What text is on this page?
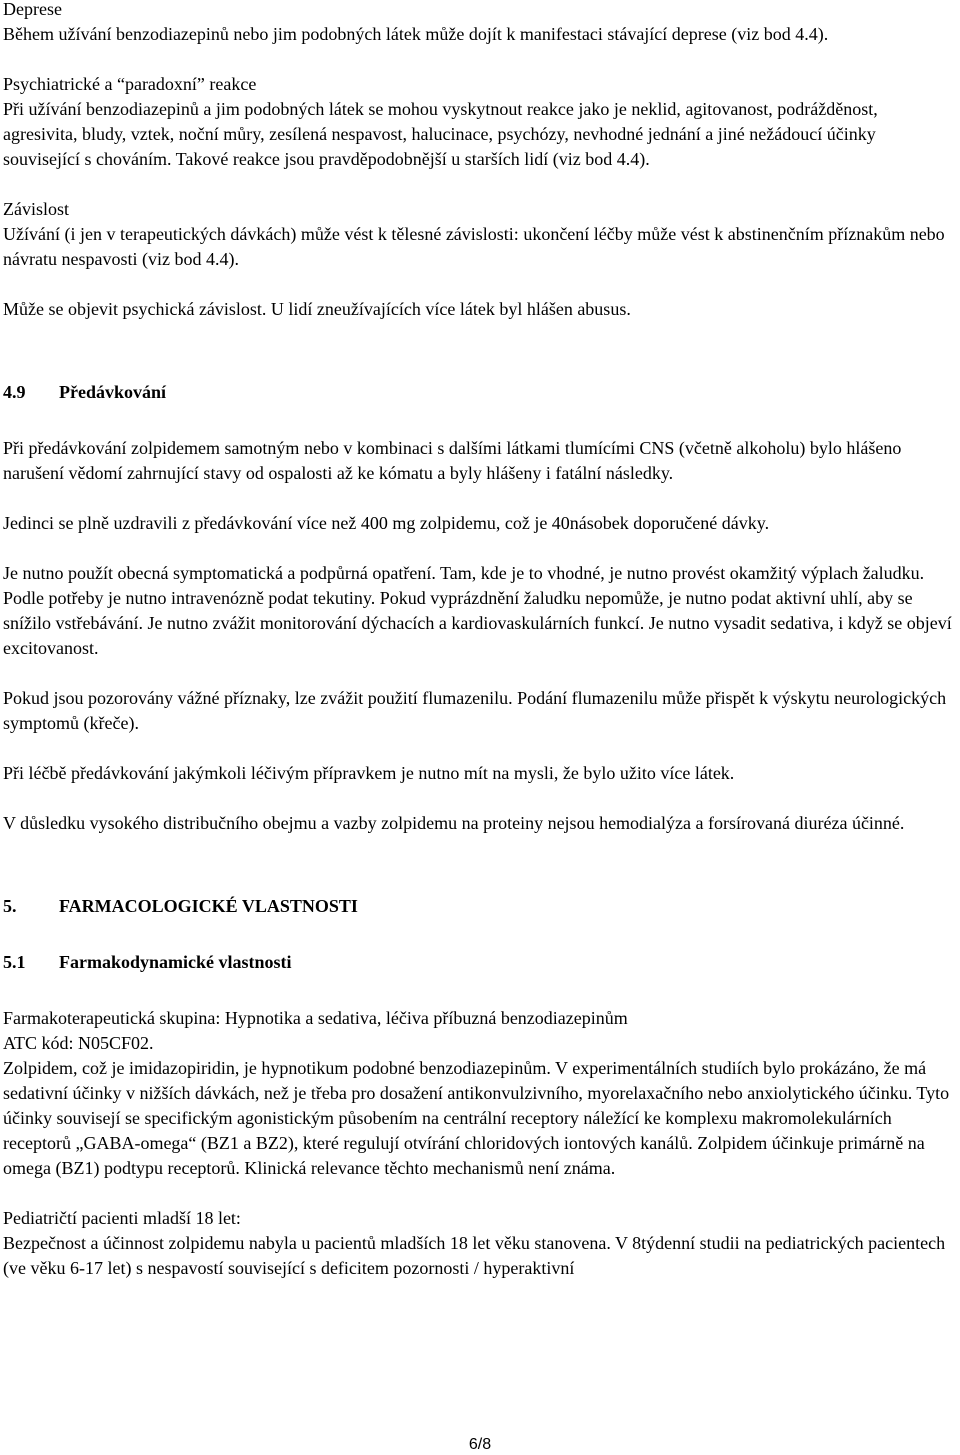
Deprese

Během užívání benzodiazepinů nebo jim podobných látek může dojít k manifestaci stávající deprese (viz bod 4.4).

Psychiatrické a “paradoxní” reakce

Při užívání benzodiazepinů a jim podobných látek se mohou vyskytnout reakce jako je neklid, agitovanost, podrážděnost, agresivita, bludy, vztek, noční můry, zesílená nespavost, halucinace, psychózy, nevhodné jednání a jiné nežádoucí účinky související s chováním. Takové reakce jsou pravděpodobnější u starších lidí (viz bod 4.4).

Závislost

Užívání (i jen v terapeutických dávkách) může vést k tělesné závislosti: ukončení léčby může vést k abstinenčním příznakům nebo návratu nespavosti (viz bod 4.4).

Může se objevit psychická závislost. U lidí zneužívajících více látek byl hlášen abusus.

4.9	Předávkování

Při předávkování zolpidemem samotným nebo v kombinaci s dalšími látkami tlumícími CNS (včetně alkoholu) bylo hlášeno narušení vědomí zahrnující stavy od ospalosti až ke kómatu a byly hlášeny i fatální následky.

Jedinci se plně uzdravili z předávkování více než 400 mg zolpidemu, což je 40násobek doporučené dávky.

Je nutno použít obecná symptomatická a podpůrná opatření. Tam, kde je to vhodné, je nutno provést okamžitý výplach žaludku. Podle potřeby je nutno intravenózně podat tekutiny. Pokud vyprázdnění žaludku nepomůže, je nutno podat aktivní uhlí, aby se snížilo vstřebávání. Je nutno zvážit monitorování dýchacích a kardiovaskulárních funkcí. Je nutno vysadit sedativa, i když se objeví excitovanost.

Pokud jsou pozorovány vážné příznaky, lze zvážit použití flumazenilu. Podání flumazenilu může přispět k výskytu neurologických symptomů (křeče).

Při léčbě předávkování jakýmkoli léčivým přípravkem je nutno mít na mysli, že bylo užito více látek.

V důsledku vysokého distribučního obejmu a vazby zolpidemu na proteiny nejsou hemodialýza a forsírovaná diuréza účinné.

5.	FARMACOLOGICKÉ VLASTNOSTI
5.1	Farmakodynamické vlastnosti

Farmakoterapeutická skupina: Hypnotika a sedativa, léčiva příbuzná benzodiazepinům

ATC kód: N05CF02.

Zolpidem, což je imidazopiridin, je hypnotikum podobné benzodiazepinům. V experimentálních studiích bylo prokázáno, že má sedativní účinky v nižších dávkách, než je třeba pro dosažení antikonvulzivního, myorelaxačního nebo anxiolytického účinku. Tyto účinky souvisejí se specifickým agonistickým působením na centrální receptory náležící ke komplexu makromolekulárních receptorů „GABA-omega“ (BZ1 a BZ2), které regulují otvírání chloridových iontových kanálů. Zolpidem účinkuje primárně na omega (BZ1) podtypu receptorů. Klinická relevance těchto mechanismů není známa.

Pediatričtí pacienti mladší 18 let:

Bezpečnost a účinnost zolpidemu nabyla u pacientů mladších 18 let věku stanovena. V 8týdenní studii na pediatrických pacientech (ve věku 6-17 let) s nespavostí související s deficitem pozornosti / hyperaktivní

6/8
